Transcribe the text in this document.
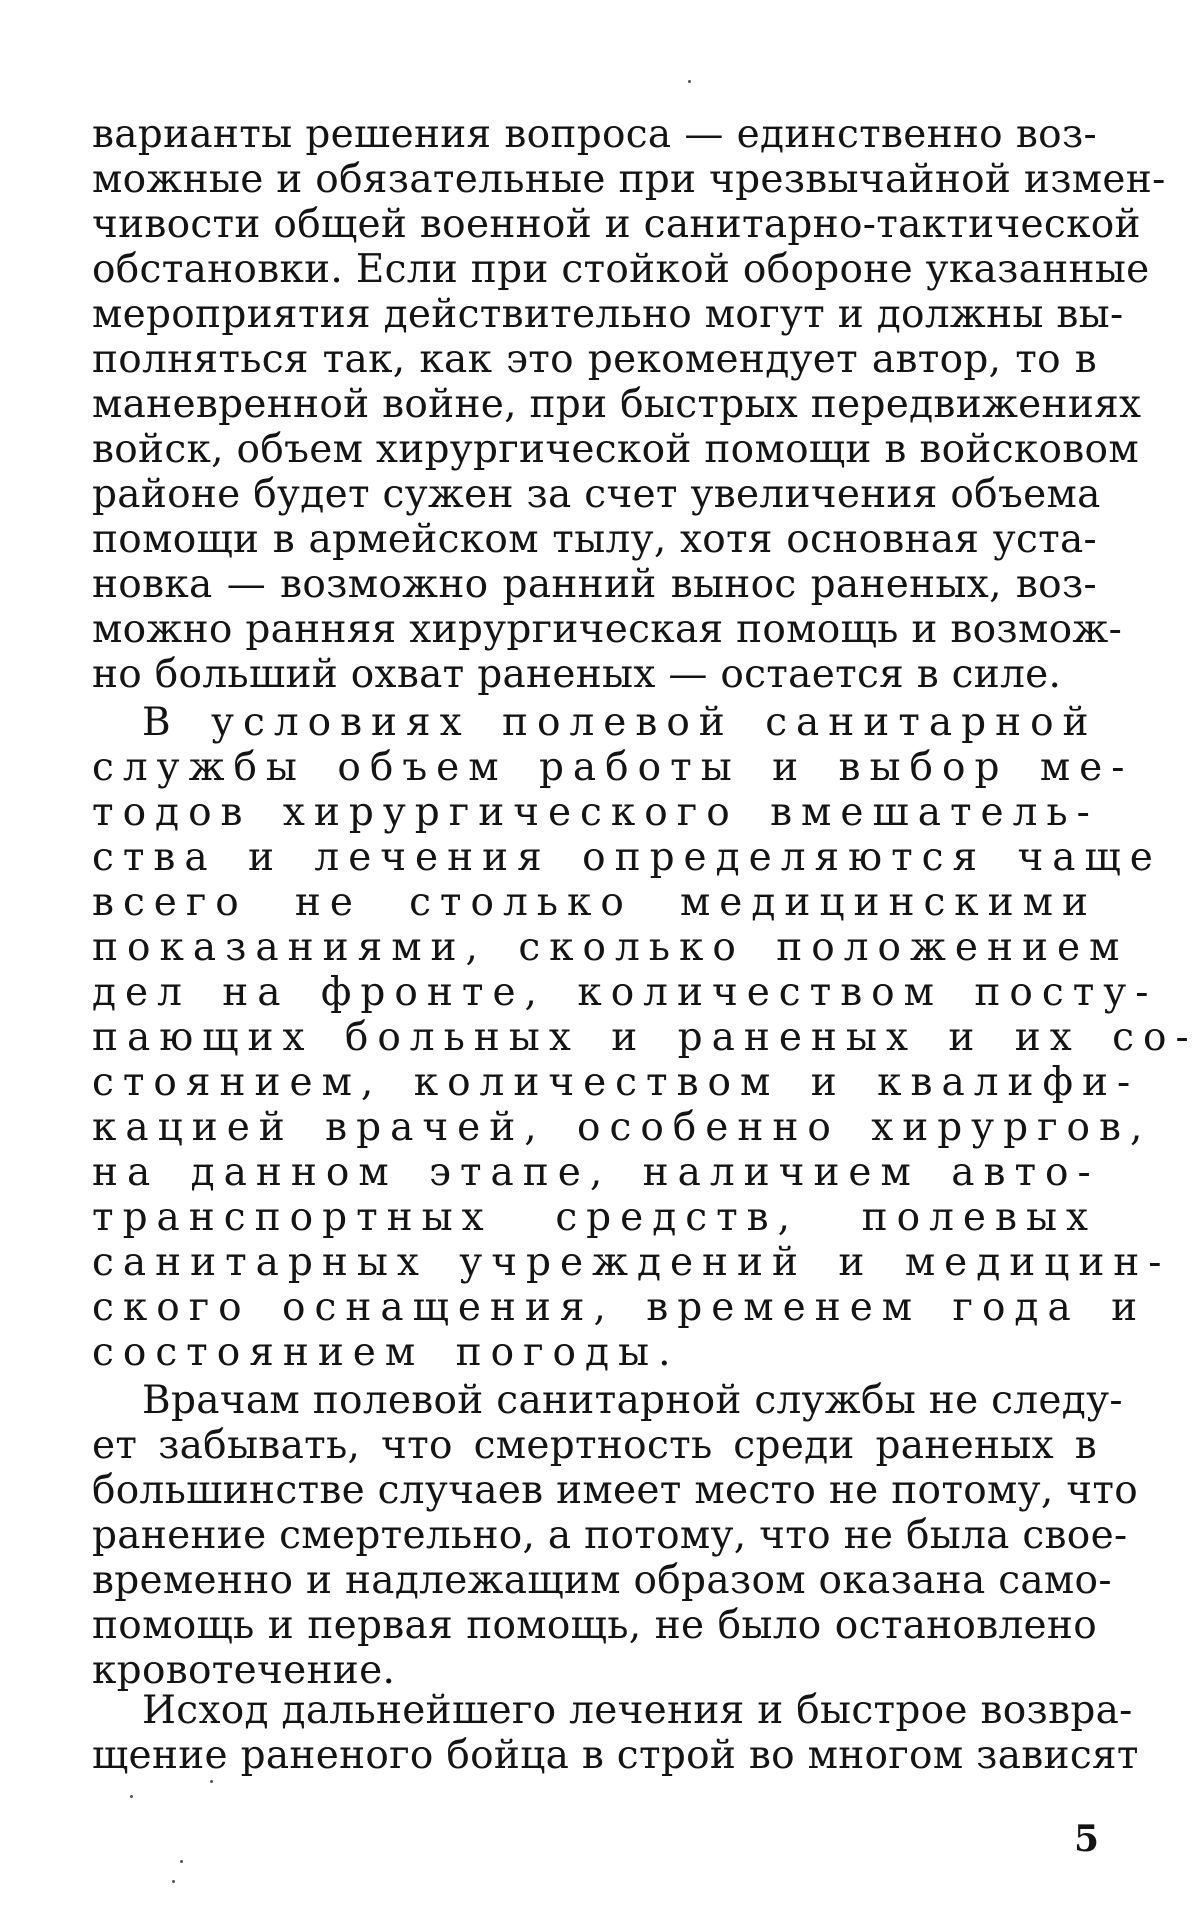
варианты решения вопроса — единственно воз-
можные и обязательные при чрезвычайной измен-
чивости общей военной и санитарно-тактической
обстановки. Если при стойкой обороне указанные
мероприятия действительно могут и должны вы-
полняться так, как это рекомендует автор, то в
маневренной войне, при быстрых передвижениях
войск, объем хирургической помощи в войсковом
районе будет сужен за счет увеличения объема
помощи в армейском тылу, хотя основная уста-
новка — возможно ранний вынос раненых, воз-
можно ранняя хирургическая помощь и возмож-
но больший охват раненых — остается в силе.
В условиях полевой санитарной
службы объем работы и выбор ме-
тодов хирургического вмешатель-
ства и лечения определяются чаще
всего не столько медицинскими
показаниями, сколько положением
дел на фронте, количеством посту-
пающих больных и раненых и их со-
стоянием, количеством и квалифи-
кацией врачей, особенно хирургов,
на данном этапе, наличием авто-
транспортных средств, полевых
санитарных учреждений и медицин-
ского оснащения, временем года и
состоянием погоды.
Врачам полевой санитарной службы не следу-
ет забывать, что смертность среди раненых в
большинстве случаев имеет место не потому, что
ранение смертельно, а потому, что не была свое-
временно и надлежащим образом оказана само-
помощь и первая помощь, не было остановлено
кровотечение.
Исход дальнейшего лечения и быстрое возвра-
щение раненого бойца в строй во многом зависят
5
